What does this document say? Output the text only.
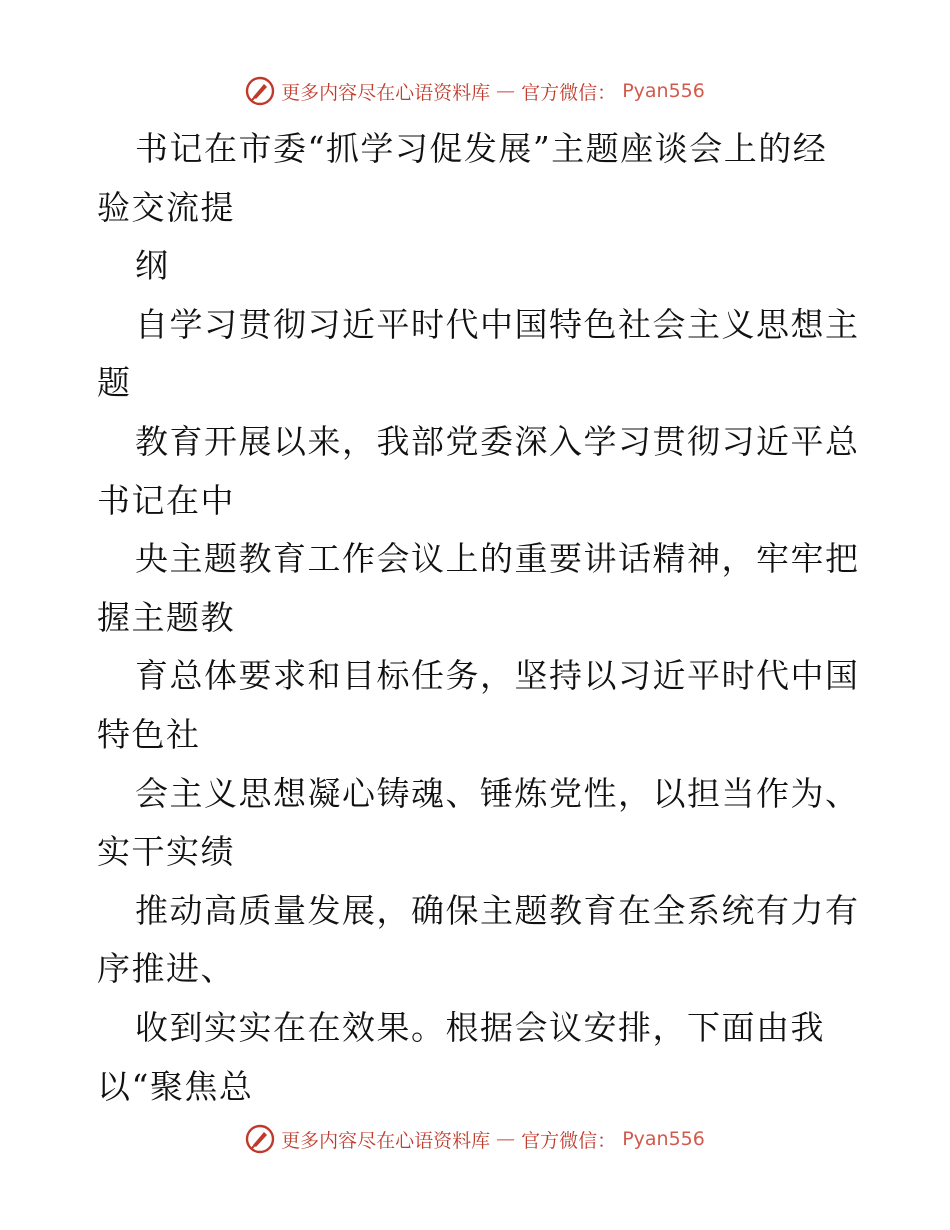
更多内容尽在心语资料库 — 官方微信： Pyan556
书记在市委“抓学习促发展”主题座谈会上的经
验交流提
纲
自学习贯彻习近平时代中国特色社会主义思想主
题
教育开展以来，我部党委深入学习贯彻习近平总
书记在中
央主题教育工作会议上的重要讲话精神，牢牢把
握主题教
育总体要求和目标任务，坚持以习近平时代中国
特色社
会主义思想凝心铸魂、锤炼党性，以担当作为、
实干实绩
推动高质量发展，确保主题教育在全系统有力有
序推进、
收到实实在在效果。根据会议安排，下面由我
以“聚焦总
更多内容尽在心语资料库 — 官方微信： Pyan556
